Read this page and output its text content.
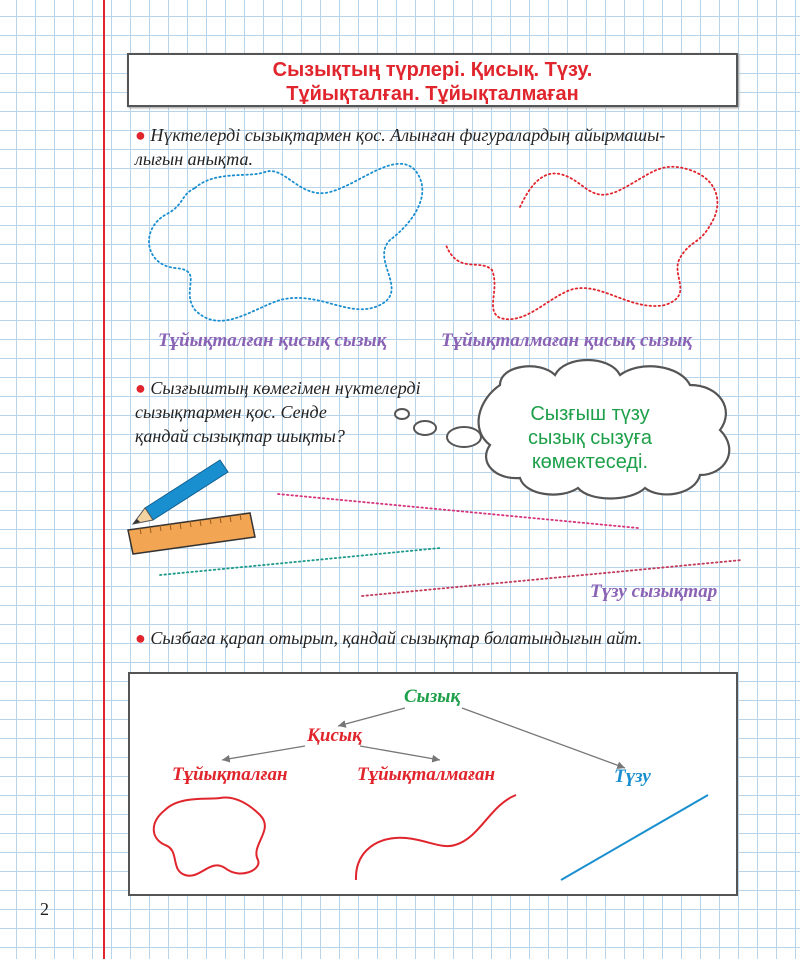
Сызықтың түрлері. Қисық. Түзу.
Тұйықталған. Тұйықталмаған
● Нүктелерді сызықтармен қос. Алынған фигуралардың айырмашы-
лығын анықта.
Тұйықталған қисық сызық	Тұйықталмаған қисық сызық
● Сызғыштың көмегімен нүктелерді
сызықтармен қос. Сенде
қандай сызықтар шықты?
Сызғыш түзу
сызық сызуға
көмектеседі.
Түзу сызықтар
● Сызбаға қарап отырып, қандай сызықтар болатындығын айт.
Сызық
Қисық
Тұйықталған	Тұйықталмаған	Түзу
2
